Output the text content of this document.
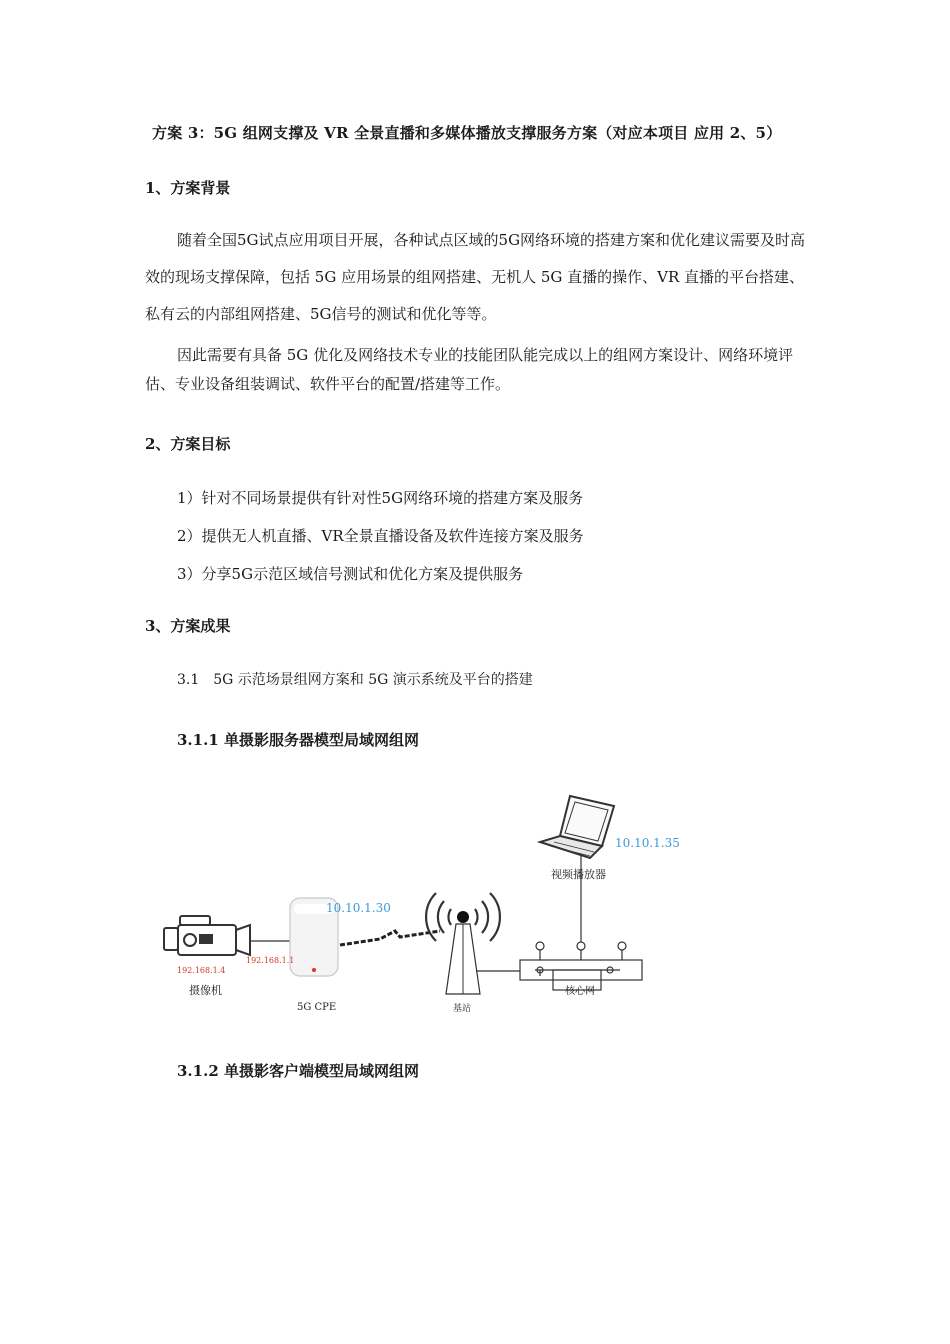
方案 3：5G 组网支撑及 VR 全景直播和多媒体播放支撑服务方案（对应本项目 应用 2、5）
1、方案背景
随着全国5G试点应用项目开展，各种试点区域的5G网络环境的搭建方案和优化建议需要及时高效的现场支撑保障，包括 5G 应用场景的组网搭建、无机人 5G 直播的操作、VR 直播的平台搭建、私有云的内部组网搭建、5G信号的测试和优化等等。
因此需要有具备 5G 优化及网络技术专业的技能团队能完成以上的组网方案设计、网络环境评估、专业设备组装调试、软件平台的配置/搭建等工作。
2、方案目标
1）针对不同场景提供有针对性5G网络环境的搭建方案及服务
2）提供无人机直播、VR全景直播设备及软件连接方案及服务
3）分享5G示范区域信号测试和优化方案及提供服务
3、方案成果
3.1　5G 示范场景组网方案和 5G 演示系统及平台的搭建
3.1.1 单摄影服务器模型局域网组网
192.168.1.4
摄像机
192.168.1.1
10.10.1.30
5G CPE	基站
核心网
10.10.1.35
视频播放器
3.1.2 单摄影客户端模型局域网组网
